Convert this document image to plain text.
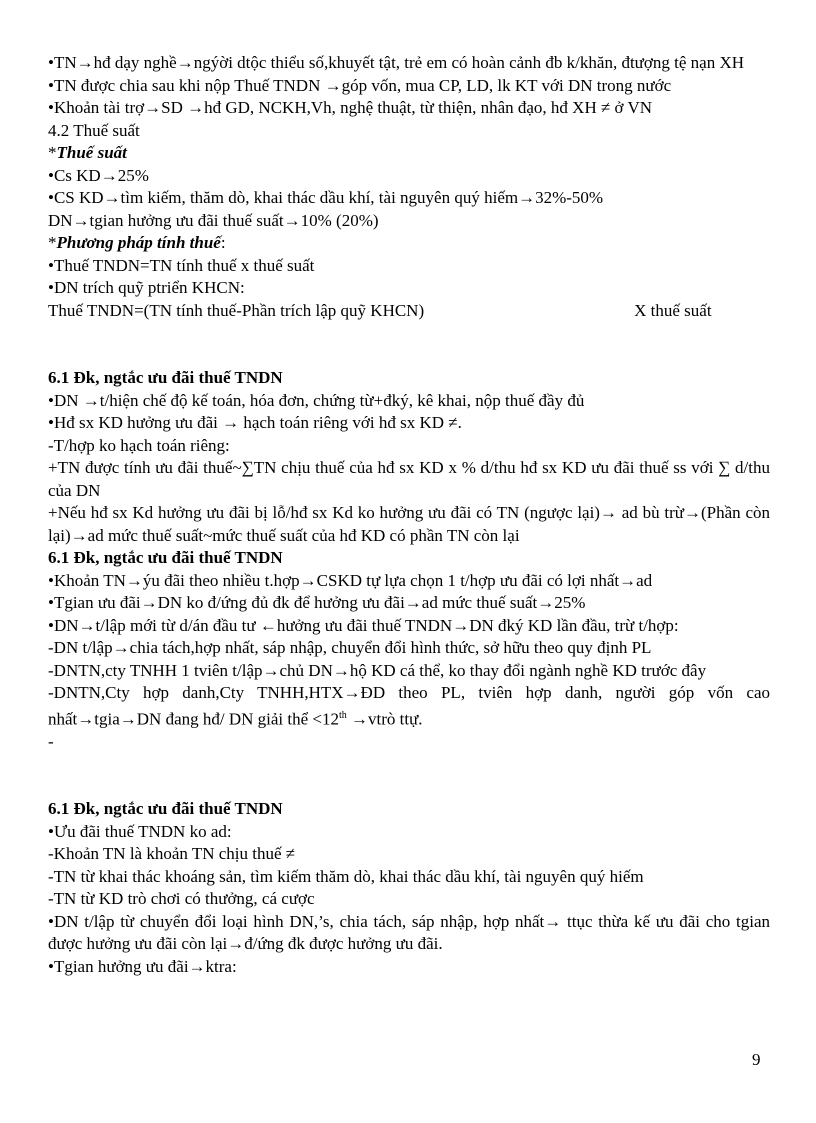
•TN→hđ dạy nghề→ngýời dtộc thiểu số,khuyết tật, trẻ em có hoàn cảnh đb k/khăn, đtượng tệ nạn XH
•TN được chia sau khi nộp Thuế TNDN →góp vốn, mua CP, LD, lk KT với DN trong nước
•Khoản tài trợ→SD →hđ GD, NCKH,Vh, nghệ thuật, từ thiện, nhân đạo, hđ XH ≠ ở VN
4.2 Thuế suất
*Thuế suất
•Cs KD→25%
•CS KD→tìm kiếm, thăm dò, khai thác dầu khí, tài nguyên quý hiếm→32%-50%
DN→tgian hưởng ưu đãi thuế suất→10% (20%)
*Phương pháp tính thuế:
•Thuế TNDN=TN tính thuế x thuế suất
•DN trích quỹ ptriển KHCN:
Thuế TNDN=(TN tính thuế-Phần trích lập quỹ KHCN)	X thuế suất
6.1 Đk, ngtắc ưu đãi thuế TNDN
•DN →t/hiện chế độ kế toán, hóa đơn, chứng từ+đký, kê khai, nộp thuế đầy đủ
•Hđ sx KD hưởng ưu đãi → hạch toán riêng với hđ sx KD ≠.
-T/hợp ko hạch toán riêng:
+TN được tính ưu đãi thuế~∑TN chịu thuế của hđ sx KD x % d/thu hđ sx KD ưu đãi thuế ss với ∑ d/thu của DN
+Nếu hđ sx Kd hưởng ưu đãi bị lỗ/hđ sx Kd ko hưởng ưu đãi có TN (ngược lại)→ ad bù trừ→(Phần còn lại)→ad mức thuế suất~mức thuế suất của hđ KD có phần TN còn lại
6.1 Đk, ngtắc ưu đãi thuế TNDN
•Khoản TN→ýu đãi theo nhiều t.hợp→CSKD tự lựa chọn 1 t/hợp ưu đãi có lợi nhất→ad
•Tgian ưu đãi→DN ko đ/ứng đủ đk để hưởng ưu đãi→ad mức thuế suất→25%
•DN→t/lập mới từ d/án đầu tư ←hưởng ưu đãi thuế TNDN→DN đký KD lần đầu, trừ t/hợp:
-DN t/lập→chia tách,hợp nhất, sáp nhập, chuyển đổi hình thức, sở hữu theo quy định PL
-DNTN,cty TNHH 1 tviên t/lập→chủ DN→hộ KD cá thể, ko thay đổi ngành nghề KD trước đây
-DNTN,Cty hợp danh,Cty TNHH,HTX→ĐD theo PL, tviên hợp danh, người góp vốn cao nhất→tgia→DN đang hđ/ DN giải thể <12th →vtrò ttự.
-
6.1 Đk, ngtắc ưu đãi thuế TNDN
•Ưu đãi thuế TNDN ko ad:
-Khoản TN là khoản TN chịu thuế ≠
-TN từ khai thác khoáng sản, tìm kiếm thăm dò, khai thác dầu khí, tài nguyên quý hiếm
-TN từ KD trò chơi có thưởng, cá cược
•DN t/lập từ chuyển đổi loại hình DN,’s, chia tách, sáp nhập, hợp nhất→ ttục thừa kế ưu đãi cho tgian được hưởng ưu đãi còn lại→đ/ứng đk được hưởng ưu đãi.
•Tgian hưởng ưu đãi→ktra:
9
